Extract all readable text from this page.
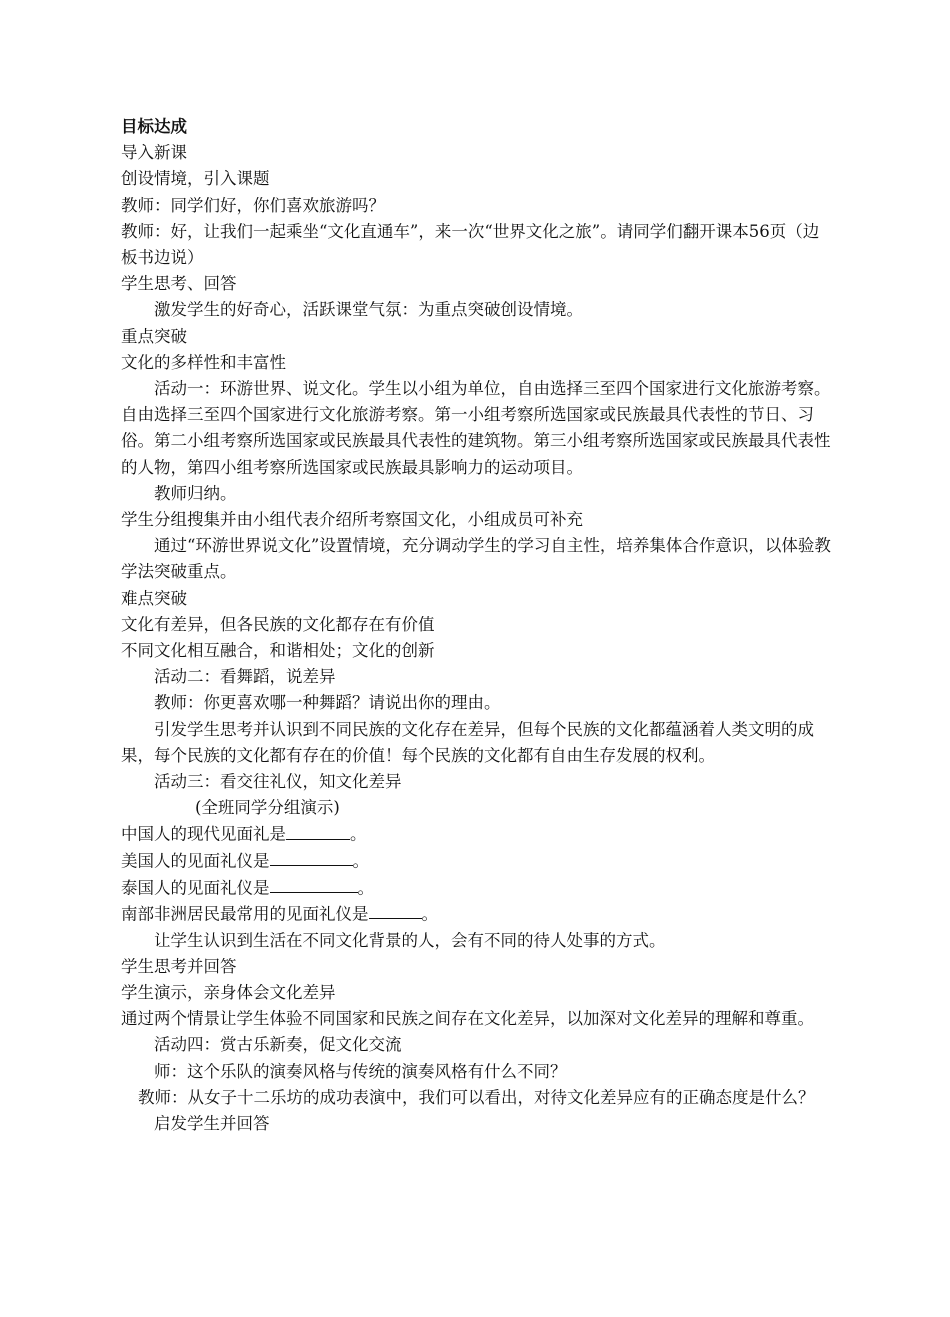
目标达成

导入新课

创设情境，引入课题

教师：同学们好，你们喜欢旅游吗？

教师：好，让我们一起乘坐“文化直通车”，来一次“世界文化之旅”。请同学们翻开课本56页（边板书边说）

学生思考、回答

激发学生的好奇心，活跃课堂气氛：为重点突破创设情境。

重点突破

文化的多样性和丰富性

活动一：环游世界、说文化。学生以小组为单位，自由选择三至四个国家进行文化旅游考察。自由选择三至四个国家进行文化旅游考察。第一小组考察所选国家或民族最具代表性的节日、习俗。第二小组考察所选国家或民族最具代表性的建筑物。第三小组考察所选国家或民族最具代表性的人物，第四小组考察所选国家或民族最具影响力的运动项目。

教师归纳。

学生分组搜集并由小组代表介绍所考察国文化，小组成员可补充

通过“环游世界说文化”设置情境，充分调动学生的学习自主性，培养集体合作意识，以体验教学法突破重点。

难点突破

文化有差异，但各民族的文化都存在有价值

不同文化相互融合，和谐相处；文化的创新

活动二：看舞蹈，说差异

教师：你更喜欢哪一种舞蹈？请说出你的理由。

引发学生思考并认识到不同民族的文化存在差异，但每个民族的文化都蕴涵着人类文明的成果，每个民族的文化都有存在的价值！每个民族的文化都有自由生存发展的权利。

活动三：看交往礼仪，知文化差异

(全班同学分组演示)

中国人的现代见面礼是	。

美国人的见面礼仪是	。

泰国人的见面礼仪是	。

南部非洲居民最常用的见面礼仪是	。

让学生认识到生活在不同文化背景的人，会有不同的待人处事的方式。

学生思考并回答

学生演示，亲身体会文化差异

通过两个情景让学生体验不同国家和民族之间存在文化差异，以加深对文化差异的理解和尊重。

活动四：赏古乐新奏，促文化交流

师：这个乐队的演奏风格与传统的演奏风格有什么不同？

教师：从女子十二乐坊的成功表演中，我们可以看出，对待文化差异应有的正确态度是什么？

启发学生并回答
